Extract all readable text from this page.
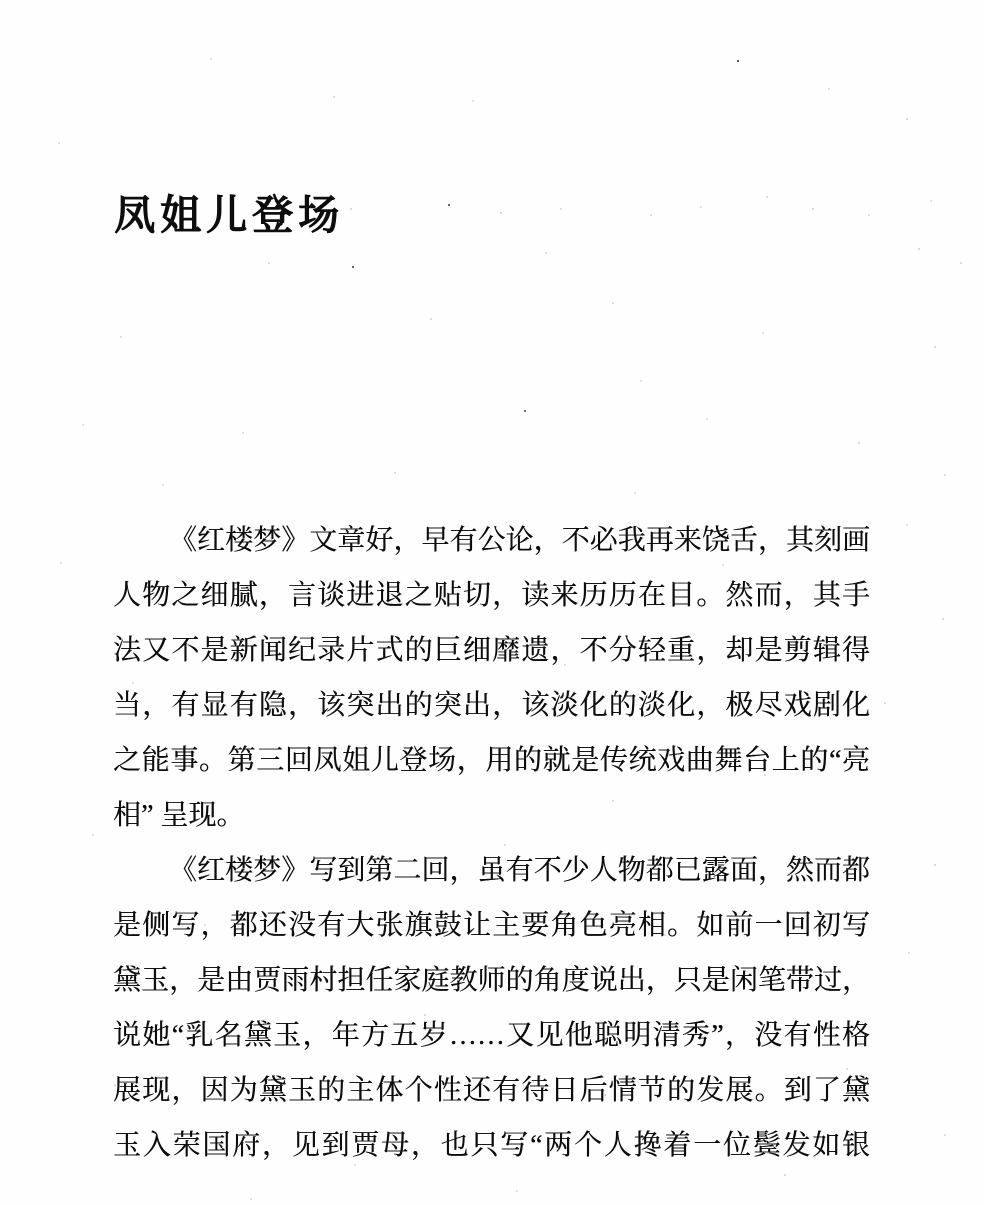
凤姐儿登场
《红楼梦》文章好，早有公论，不必我再来饶舌，其刻画
人物之细腻，言谈进退之贴切，读来历历在目。然而，其手
法又不是新闻纪录片式的巨细靡遗，不分轻重，却是剪辑得
当，有显有隐，该突出的突出，该淡化的淡化，极尽戏剧化
之能事。第三回凤姐儿登场，用的就是传统戏曲舞台上的“亮
相” 呈现。
《红楼梦》写到第二回，虽有不少人物都已露面，然而都
是侧写，都还没有大张旗鼓让主要角色亮相。如前一回初写
黛玉，是由贾雨村担任家庭教师的角度说出，只是闲笔带过，
说她“乳名黛玉，年方五岁……又见他聪明清秀”，没有性格
展现，因为黛玉的主体个性还有待日后情节的发展。到了黛
玉入荣国府，见到贾母，也只写“两个人搀着一位鬓发如银
